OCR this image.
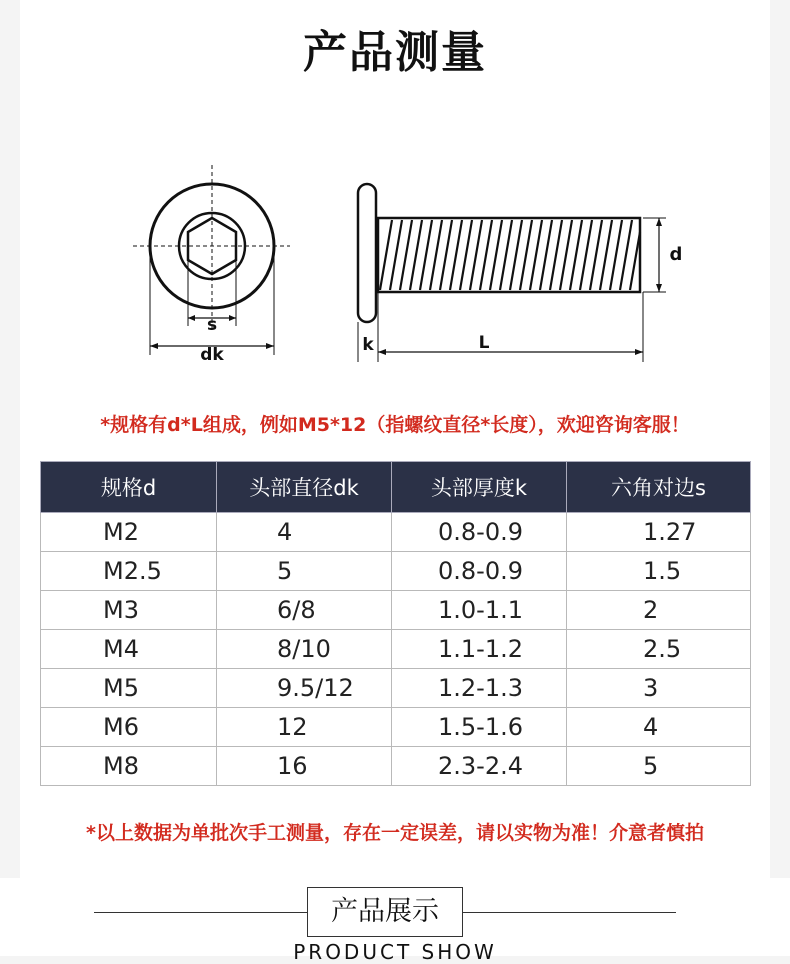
产品测量
s
dk	k	L
d
*规格有d*L组成，例如M5*12（指螺纹直径*长度），欢迎咨询客服！
规格d	头部直径dk	头部厚度k	六角对边s
M2	4	0.8-0.9	1.27
M2.5	5	0.8-0.9	1.5
M3	6/8	1.0-1.1	2
M4	8/10	1.1-1.2	2.5
M5	9.5/12	1.2-1.3	3
M6	12	1.5-1.6	4
M8	16	2.3-2.4	5
*以上数据为单批次手工测量，存在一定误差，请以实物为准！介意者慎拍
产品展示
PRODUCT SHOW
